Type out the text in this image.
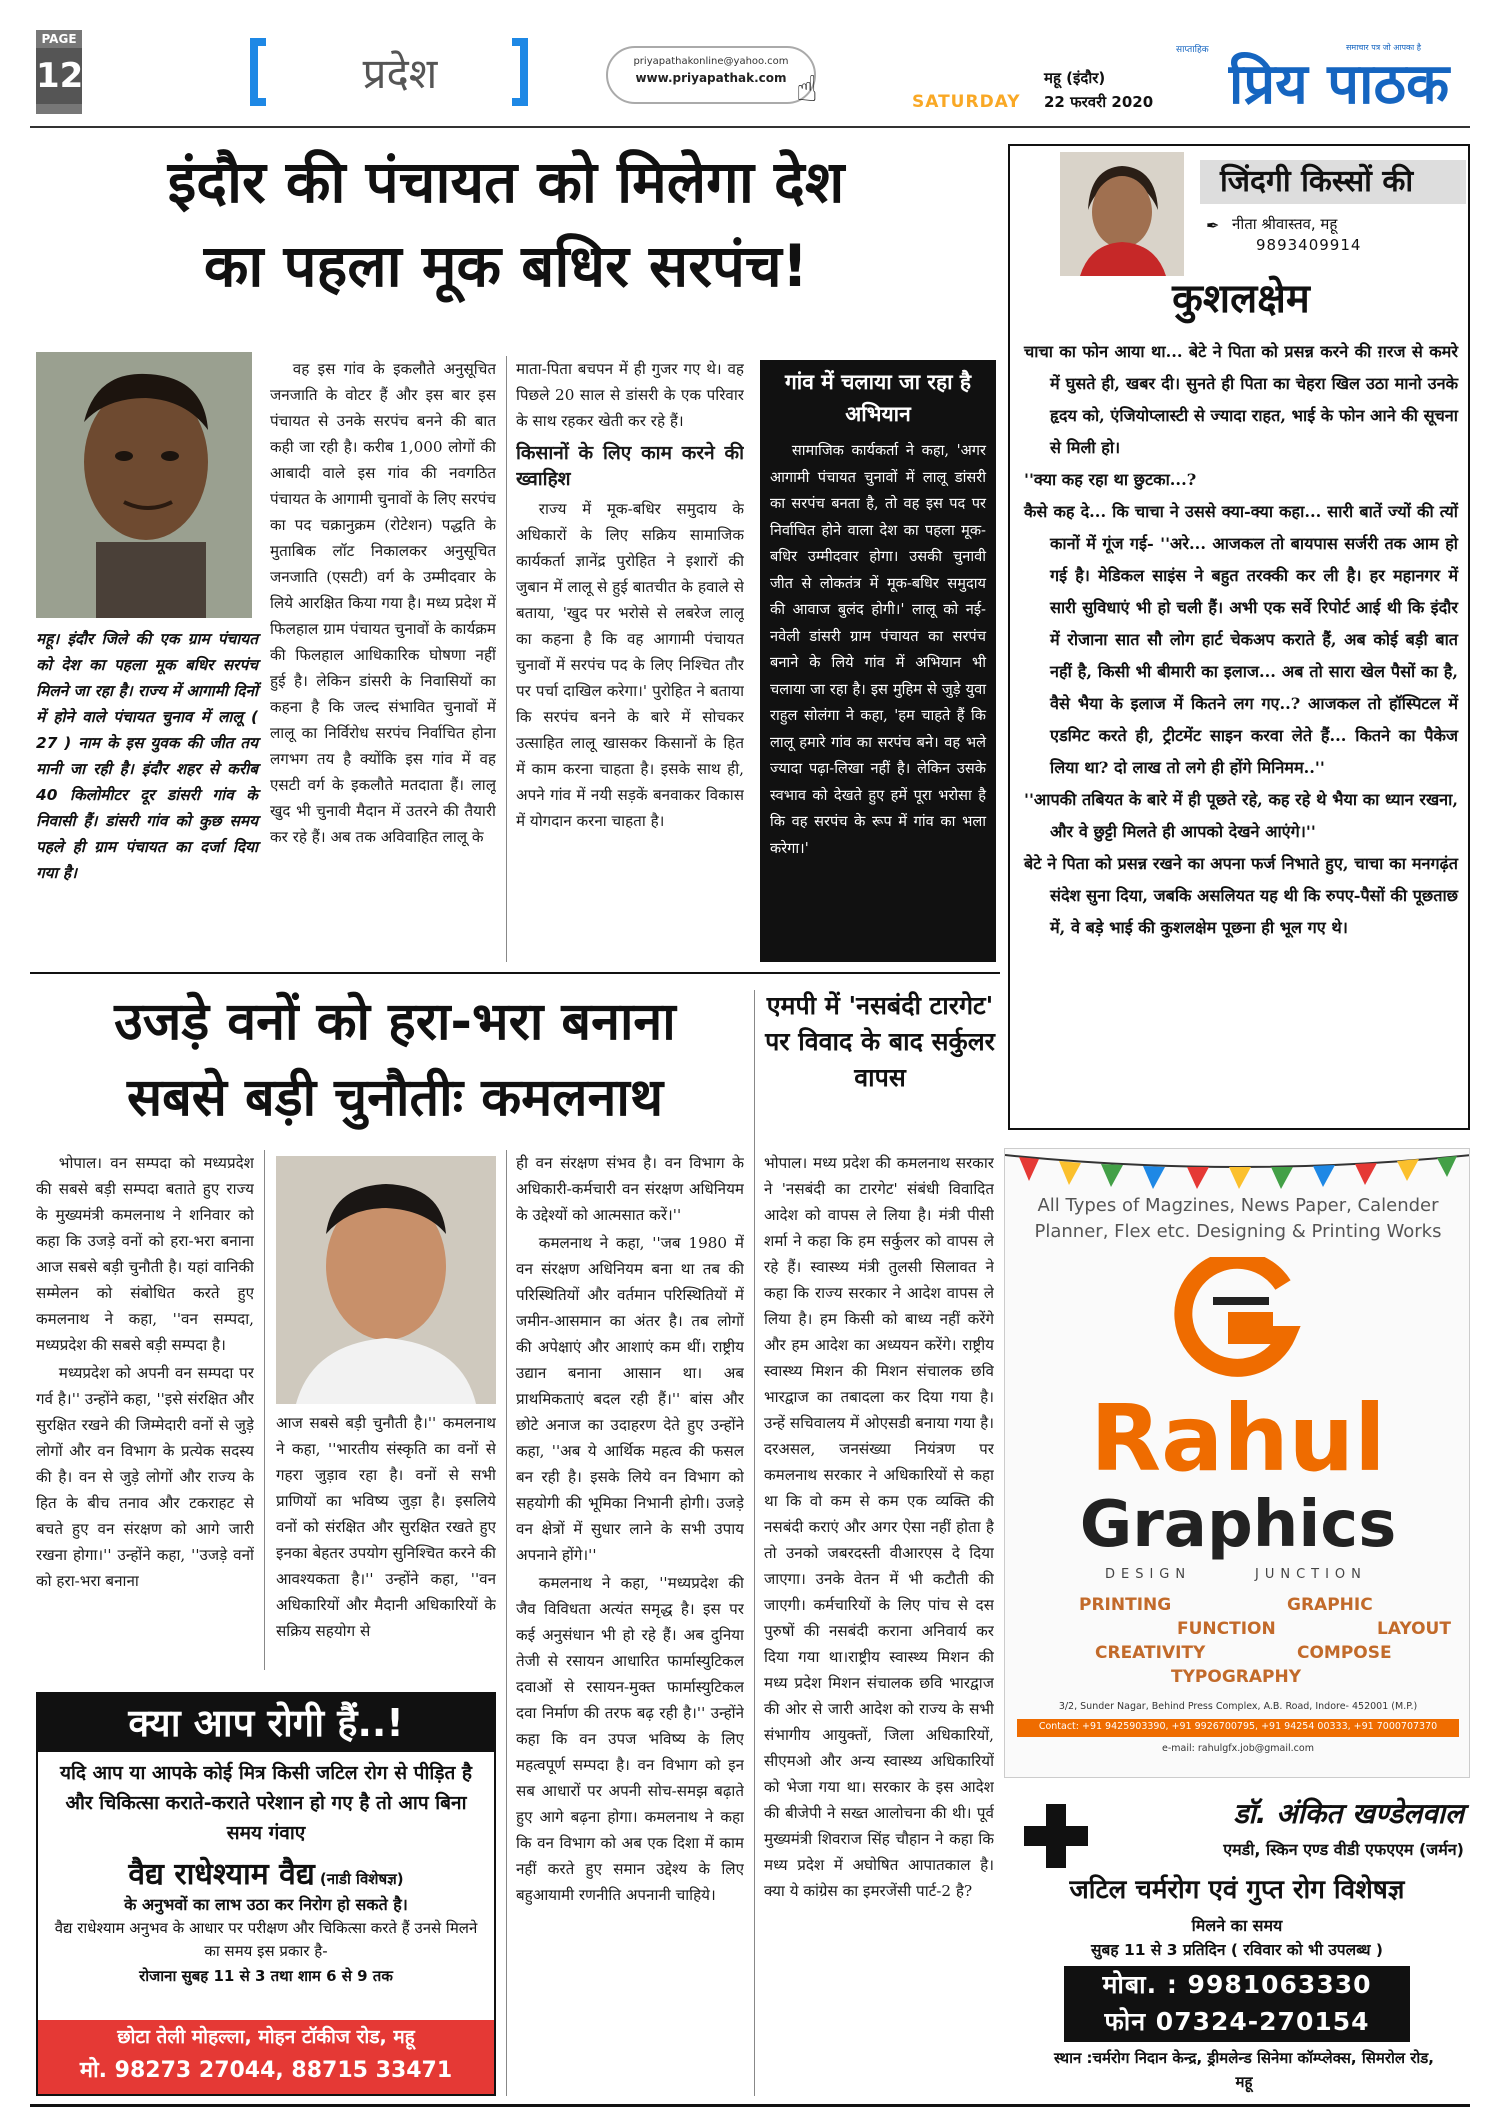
PAGE
12	प्रदेश	priyapathakonline@yahoo.com
www.priyapathak.com ☝	SATURDAY
महू (इंदौर)
22 फरवरी 2020
साप्ताहिक	समाचार पत्र जो आपका है
प्रिय पाठक
इंदौर की पंचायत को मिलेगा देश
का पहला मूक बधिर सरपंच!
महू। इंदौर जिले की एक ग्राम पंचायत को देश का पहला मूक बधिर सरपंच मिलने जा रहा है। राज्य में आगामी दिनों में होने वाले पंचायत चुनाव में लालू ( 27 ) नाम के इस युवक की जीत तय मानी जा रही है। इंदौर शहर से करीब 40 किलोमीटर दूर डांसरी गांव के निवासी हैं। डांसरी गांव को कुछ समय पहले ही ग्राम पंचायत का दर्जा दिया गया है।

वह इस गांव के इकलौते अनुसूचित जनजाति के वोटर हैं और इस बार इस पंचायत से उनके सरपंच बनने की बात कही जा रही है। करीब 1,000 लोगों की आबादी वाले इस गांव की नवगठित पंचायत के आगामी चुनावों के लिए सरपंच का पद चक्रानुक्रम (रोटेशन) पद्धति के मुताबिक लॉट निकालकर अनुसूचित जनजाति (एसटी) वर्ग के उम्मीदवार के लिये आरक्षित किया गया है। मध्य प्रदेश में फिलहाल ग्राम पंचायत चुनावों के कार्यक्रम की फिलहाल आधिकारिक घोषणा नहीं हुई है। लेकिन डांसरी के निवासियों का कहना है कि जल्द संभावित चुनावों में लालू का निर्विरोध सरपंच निर्वाचित होना लगभग तय है क्योंकि इस गांव में वह एसटी वर्ग के इकलौते मतदाता हैं। लालू खुद भी चुनावी मैदान में उतरने की तैयारी कर रहे हैं। अब तक अविवाहित लालू के

माता-पिता बचपन में ही गुजर गए थे। वह पिछले 20 साल से डांसरी के एक परिवार के साथ रहकर खेती कर रहे हैं।

किसानों के लिए काम करने की ख्वाहिश

राज्य में मूक-बधिर समुदाय के अधिकारों के लिए सक्रिय सामाजिक कार्यकर्ता ज्ञानेंद्र पुरोहित ने इशारों की जुबान में लालू से हुई बातचीत के हवाले से बताया, 'खुद पर भरोसे से लबरेज लालू का कहना है कि वह आगामी पंचायत चुनावों में सरपंच पद के लिए निश्चित तौर पर पर्चा दाखिल करेगा।' पुरोहित ने बताया कि सरपंच बनने के बारे में सोचकर उत्साहित लालू खासकर किसानों के हित में काम करना चाहता है। इसके साथ ही, अपने गांव में नयी सड़कें बनवाकर विकास में योगदान करना चाहता है।

गांव में चलाया जा रहा है अभियान
सामाजिक कार्यकर्ता ने कहा, 'अगर आगामी पंचायत चुनावों में लालू डांसरी का सरपंच बनता है, तो वह इस पद पर निर्वाचित होने वाला देश का पहला मूक-बधिर उम्मीदवार होगा। उसकी चुनावी जीत से लोकतंत्र में मूक-बधिर समुदाय की आवाज बुलंद होगी।' लालू को नई-नवेली डांसरी ग्राम पंचायत का सरपंच बनाने के लिये गांव में अभियान भी चलाया जा रहा है। इस मुहिम से जुड़े युवा राहुल सोलंगा ने कहा, 'हम चाहते हैं कि लालू हमारे गांव का सरपंच बने। वह भले ज्यादा पढ़ा-लिखा नहीं है। लेकिन उसके स्वभाव को देखते हुए हमें पूरा भरोसा है कि वह सरपंच के रूप में गांव का भला करेगा।'
जिंदगी किस्सों की
✒ नीता श्रीवास्तव, महू
9893409914
कुशलक्षेम

चाचा का फोन आया था... बेटे ने पिता को प्रसन्न करने की ग़रज से कमरे में घुसते ही, खबर दी। सुनते ही पिता का चेहरा खिल उठा मानो उनके हृदय को, एंजियोप्लास्टी से ज्यादा राहत, भाई के फोन आने की सूचना से मिली हो।

''क्या कह रहा था छुटका...?

कैसे कह दे... कि चाचा ने उससे क्या-क्या कहा... सारी बातें ज्यों की त्यों कानों में गूंज गई- ''अरे... आजकल तो बायपास सर्जरी तक आम हो गई है। मेडिकल साइंस ने बहुत तरक्की कर ली है। हर महानगर में सारी सुविधाएं भी हो चली हैं। अभी एक सर्वे रिपोर्ट आई थी कि इंदौर में रोजाना सात सौ लोग हार्ट चेकअप कराते हैं, अब कोई बड़ी बात नहीं है, किसी भी बीमारी का इलाज... अब तो सारा खेल पैसों का है, वैसे भैया के इलाज में कितने लग गए..? आजकल तो हॉस्पिटल में एडमिट करते ही, ट्रीटमेंट साइन करवा लेते हैं... कितने का पैकेज लिया था? दो लाख तो लगे ही होंगे मिनिमम..''

''आपकी तबियत के बारे में ही पूछते रहे, कह रहे थे भैया का ध्यान रखना, और वे छुट्टी मिलते ही आपको देखने आएंगे।''

बेटे ने पिता को प्रसन्न रखने का अपना फर्ज निभाते हुए, चाचा का मनगढ़ंत संदेश सुना दिया, जबकि असलियत यह थी कि रुपए-पैसों की पूछताछ में, वे बड़े भाई की कुशलक्षेम पूछना ही भूल गए थे।

उजड़े वनों को हरा-भरा बनाना
सबसे बड़ी चुनौतीः कमलनाथ

भोपाल। वन सम्पदा को मध्यप्रदेश की सबसे बड़ी सम्पदा बताते हुए राज्य के मुख्यमंत्री कमलनाथ ने शनिवार को कहा कि उजड़े वनों को हरा-भरा बनाना आज सबसे बड़ी चुनौती है। यहां वानिकी सम्मेलन को संबोधित करते हुए कमलनाथ ने कहा, ''वन सम्पदा, मध्यप्रदेश की सबसे बड़ी सम्पदा है।

मध्यप्रदेश को अपनी वन सम्पदा पर गर्व है।'' उन्होंने कहा, ''इसे संरक्षित और सुरक्षित रखने की जिम्मेदारी वनों से जुड़े लोगों और वन विभाग के प्रत्येक सदस्य की है। वन से जुड़े लोगों और राज्य के हित के बीच तनाव और टकराहट से बचते हुए वन संरक्षण को आगे जारी रखना होगा।'' उन्होंने कहा, ''उजड़े वनों को हरा-भरा बनाना

आज सबसे बड़ी चुनौती है।'' कमलनाथ ने कहा, ''भारतीय संस्कृति का वनों से गहरा जुड़ाव रहा है। वनों से सभी प्राणियों का भविष्य जुड़ा है। इसलिये वनों को संरक्षित और सुरक्षित रखते हुए इनका बेहतर उपयोग सुनिश्चित करने की आवश्यकता है।'' उन्होंने कहा, ''वन अधिकारियों और मैदानी अधिकारियों के सक्रिय सहयोग से

ही वन संरक्षण संभव है। वन विभाग के अधिकारी-कर्मचारी वन संरक्षण अधिनियम के उद्देश्यों को आत्मसात करें।''

कमलनाथ ने कहा, ''जब 1980 में वन संरक्षण अधिनियम बना था तब की परिस्थितियों और वर्तमान परिस्थितियों में जमीन-आसमान का अंतर है। तब लोगों की अपेक्षाएं और आशाएं कम थीं। राष्ट्रीय उद्यान बनाना आसान था। अब प्राथमिकताएं बदल रही हैं।'' बांस और छोटे अनाज का उदाहरण देते हुए उन्होंने कहा, ''अब ये आर्थिक महत्व की फसल बन रही है। इसके लिये वन विभाग को सहयोगी की भूमिका निभानी होगी। उजड़े वन क्षेत्रों में सुधार लाने के सभी उपाय अपनाने होंगे।''

कमलनाथ ने कहा, ''मध्यप्रदेश की जैव विविधता अत्यंत समृद्ध है। इस पर कई अनुसंधान भी हो रहे हैं। अब दुनिया तेजी से रसायन आधारित फार्मास्युटिकल दवाओं से रसायन-मुक्त फार्मास्युटिकल दवा निर्माण की तरफ बढ़ रही है।'' उन्होंने कहा कि वन उपज भविष्य के लिए महत्वपूर्ण सम्पदा है। वन विभाग को इन सब आधारों पर अपनी सोच-समझ बढ़ाते हुए आगे बढ़ना होगा। कमलनाथ ने कहा कि वन विभाग को अब एक दिशा में काम नहीं करते हुए समान उद्देश्य के लिए बहुआयामी रणनीति अपनानी चाहिये।

एमपी में 'नसबंदी टारगेट' पर विवाद के बाद सर्कुलर वापस

भोपाल। मध्य प्रदेश की कमलनाथ सरकार ने 'नसबंदी का टारगेट' संबंधी विवादित आदेश को वापस ले लिया है। मंत्री पीसी शर्मा ने कहा कि हम सर्कुलर को वापस ले रहे हैं। स्वास्थ्य मंत्री तुलसी सिलावत ने कहा कि राज्य सरकार ने आदेश वापस ले लिया है। हम किसी को बाध्य नहीं करेंगे और हम आदेश का अध्ययन करेंगे। राष्ट्रीय स्वास्थ्य मिशन की मिशन संचालक छवि भारद्वाज का तबादला कर दिया गया है।उन्हें सचिवालय में ओएसडी बनाया गया है। दरअसल, जनसंख्या नियंत्रण पर कमलनाथ सरकार ने अधिकारियों से कहा था कि वो कम से कम एक व्यक्ति की नसबंदी कराएं और अगर ऐसा नहीं होता है तो उनको जबरदस्ती वीआरएस दे दिया जाएगा। उनके वेतन में भी कटौती की जाएगी। कर्मचारियों के लिए पांच से दस पुरुषों की नसबंदी कराना अनिवार्य कर दिया गया था।राष्ट्रीय स्वास्थ्य मिशन की मध्य प्रदेश मिशन संचालक छवि भारद्वाज की ओर से जारी आदेश को राज्य के सभी संभागीय आयुक्तों, जिला अधिकारियों, सीएमओ और अन्य स्वास्थ्य अधिकारियों को भेजा गया था। सरकार के इस आदेश की बीजेपी ने सख्त आलोचना की थी। पूर्व मुख्यमंत्री शिवराज सिंह चौहान ने कहा कि मध्य प्रदेश में अघोषित आपातकाल है। क्या ये कांग्रेस का इमरजेंसी पार्ट-2 है?

क्या आप रोगी हैं..!
यदि आप या आपके कोई मित्र किसी जटिल रोग से पीड़ित है और चिकित्सा कराते-कराते परेशान हो गए है तो आप बिना समय गंवाए
वैद्य राधेश्याम वैद्य (नाडी विशेषज्ञ)
के अनुभवों का लाभ उठा कर निरोग हो सकते है।
वैद्य राधेश्याम अनुभव के आधार पर परीक्षण और चिकित्सा करते हैं उनसे मिलने का समय इस प्रकार है-
रोजाना सुबह 11 से 3 तथा शाम 6 से 9 तक
छोटा तेली मोहल्ला, मोहन टॉकीज रोड, महू
मो. 98273 27044, 88715 33471
All Types of Magzines, News Paper, Calender Planner, Flex etc. Designing & Printing Works
Rahul
Graphics
DESIGN	JUNCTION
PRINTING	GRAPHIC
FUNCTION	LAYOUT
CREATIVITY	COMPOSE
TYPOGRAPHY
3/2, Sunder Nagar, Behind Press Complex, A.B. Road, Indore- 452001 (M.P.)
Contact: +91 9425903390, +91 9926700795, +91 94254 00333, +91 7000707370
e-mail: rahulgfx.job@gmail.com
डॉ. अंकित खण्डेलवाल
एमडी, स्किन एण्ड वीडी एफएएम (जर्मन)
जटिल चर्मरोग एवं गुप्त रोग विशेषज्ञ
मिलने का समय
सुबह 11 से 3 प्रतिदिन ( रविवार को भी उपलब्ध )
मोबा. : 9981063330
फोन 07324-270154
स्थान :चर्मरोग निदान केन्द्र, ड्रीमलेन्ड सिनेमा कॉम्प्लेक्स, सिमरोल रोड, महू
